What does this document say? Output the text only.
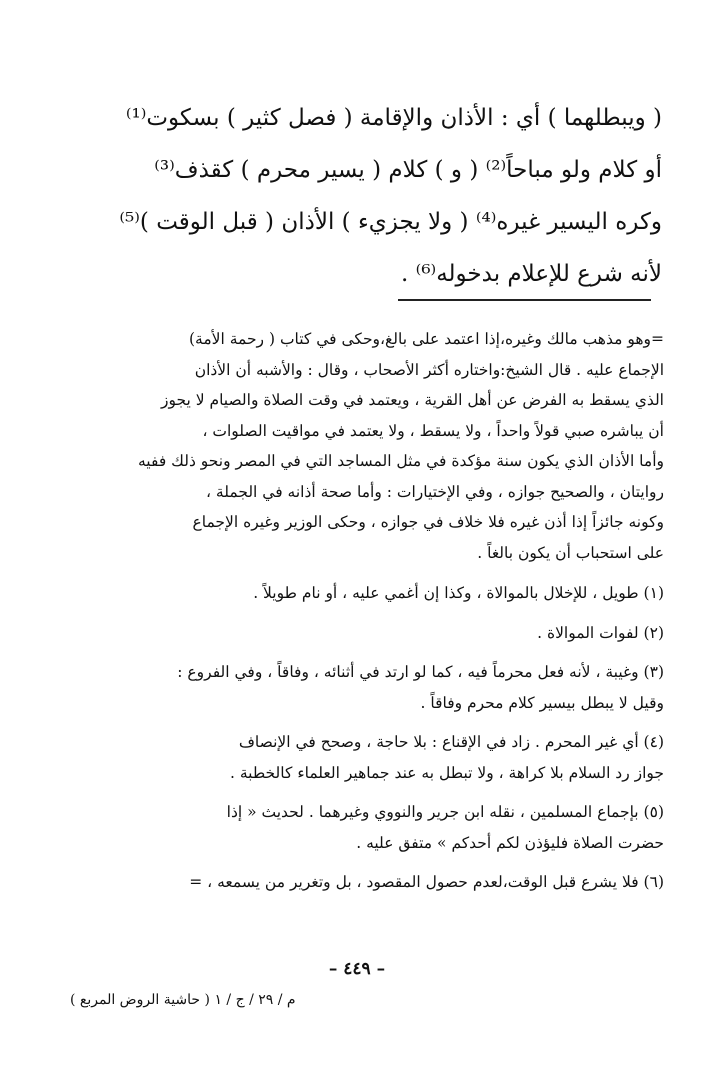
( ويبطلهما ) أي : الأذان والإقامة ( فصل كثير ) بسكوت⁽¹⁾
أو كلام ولو مباحاً⁽²⁾ ( و ) كلام ( يسير محرم ) كقذف⁽³⁾
وكره اليسير غيره⁽⁴⁾ ( ولا يجزيء ) الأذان ( قبل الوقت )⁽⁵⁾
لأنه شرع للإعلام بدخوله⁽⁶⁾ .
=وهو مذهب مالك وغيره،إذا اعتمد على بالغ،وحكى في كتاب ( رحمة الأمة)
الإجماع عليه . قال الشيخ:واختاره أكثر الأصحاب ، وقال : والأشبه أن الأذان
الذي يسقط به الفرض عن أهل القرية ، ويعتمد في وقت الصلاة والصيام لا يجوز
أن يباشره صبي قولاً واحداً ، ولا يسقط ، ولا يعتمد في مواقيت الصلوات ،
وأما الأذان الذي يكون سنة مؤكدة في مثل المساجد التي في المصر ونحو ذلك ففيه
روايتان ، والصحيح جوازه ، وفي الإختيارات : وأما صحة أذانه في الجملة ،
وكونه جائزاً إذا أذن غيره فلا خلاف في جوازه ، وحكى الوزير وغيره الإجماع
على استحباب أن يكون بالغاً .
(١) طويل ، للإخلال بالموالاة ، وكذا إن أغمي عليه ، أو نام طويلاً .
(٢) لفوات الموالاة .
(٣) وغيبة ، لأنه فعل محرماً فيه ، كما لو ارتد في أثنائه ، وفاقاً ، وفي الفروع :
وقيل لا يبطل بيسير كلام محرم وفاقاً .
(٤) أي غير المحرم . زاد في الإقناع : بلا حاجة ، وصحح في الإنصاف
جواز رد السلام بلا كراهة ، ولا تبطل به عند جماهير العلماء كالخطبة .
(٥) بإجماع المسلمين ، نقله ابن جرير والنووي وغيرهما . لحديث « إذا
حضرت الصلاة فليؤذن لكم أحدكم » متفق عليه .
(٦) فلا يشرع قبل الوقت،لعدم حصول المقصود ، بل وتغرير من يسمعه ، =
– ٤٤٩ –
م / ٢٩ / ج / ١ ( حاشية الروض المربع )
